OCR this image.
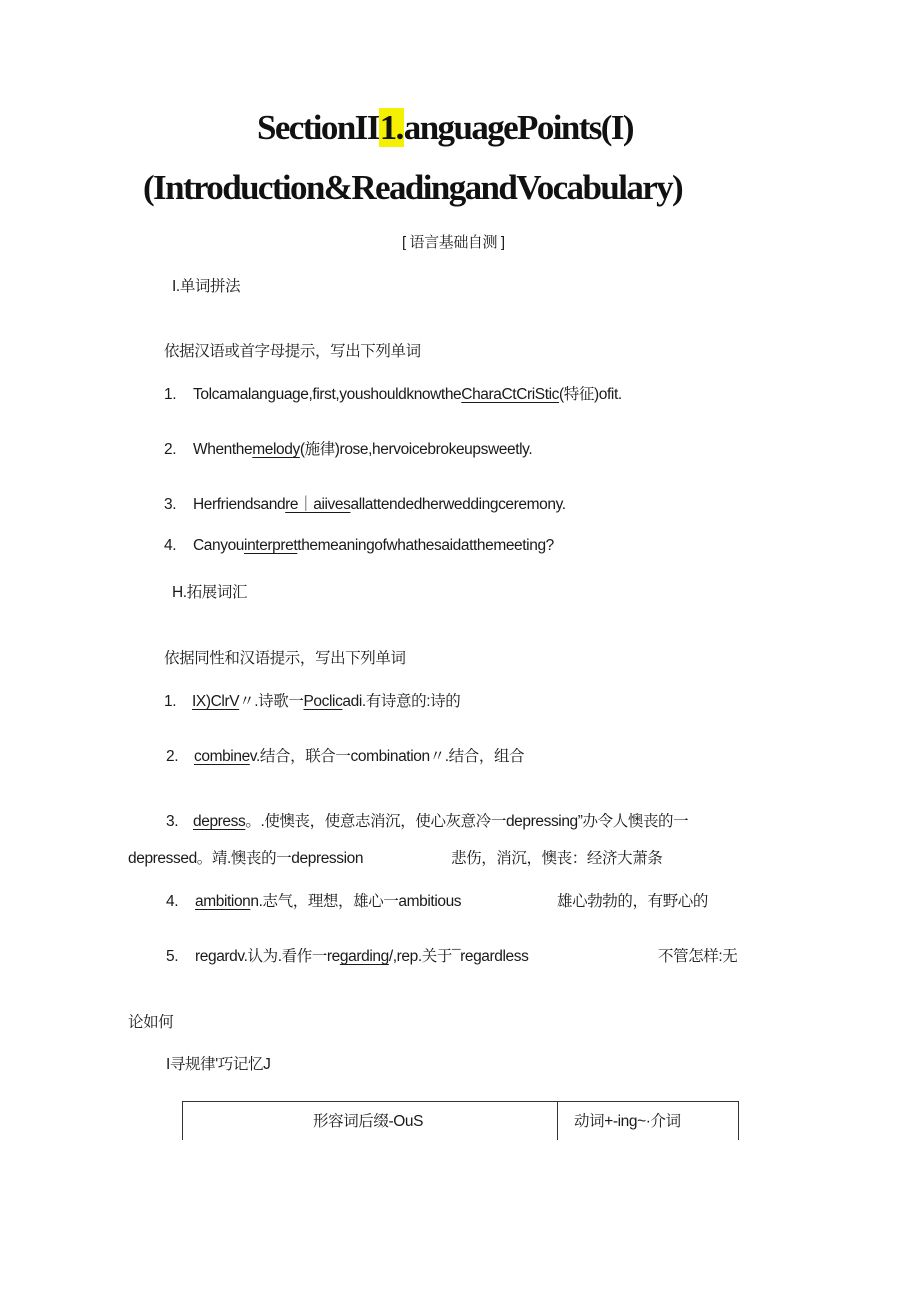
SectionII1.anguagePoints(I)
(Introduction&ReadingandVocabulary)
[ 语言基础自测 ]
I.单词拼法
依据汉语或首字母提示，写出下列单词
1. Tolcamalanguage,first,youshouldknowtheCharaCtCriStic(特征)ofit.
2. Whenthemelody(施律)rose,hervoicebrokeupsweetly.
3. Herfriendsandre｜aiivesallattendedherweddingceremony.
4. Canyouinterpretthemeaningofwhathesaidatthemeeting?
H.拓展词汇
依据同性和汉语提示，写出下列单词
1. IX)ClrV〃.诗歌一Poclicadi.有诗意的:诗的
2. combinev.结合，联合一combination〃.结合，组合
3. depress。.使懊丧，使意志消沉，使心灰意冷一depressing”办令人懊丧的一
depressed。靖.懊丧的一depression	悲伤，消沉，懊丧：经济大萧条
4. ambitionn.志气，理想，雄心一ambitious	雄心勃勃的，有野心的
5. regardv.认为.看作一regarding/,rep.关于¯regardless	不管怎样:无
论如何
I寻规律'巧记忆J
形容词后缀-OuS	动词+-ing~·介词
